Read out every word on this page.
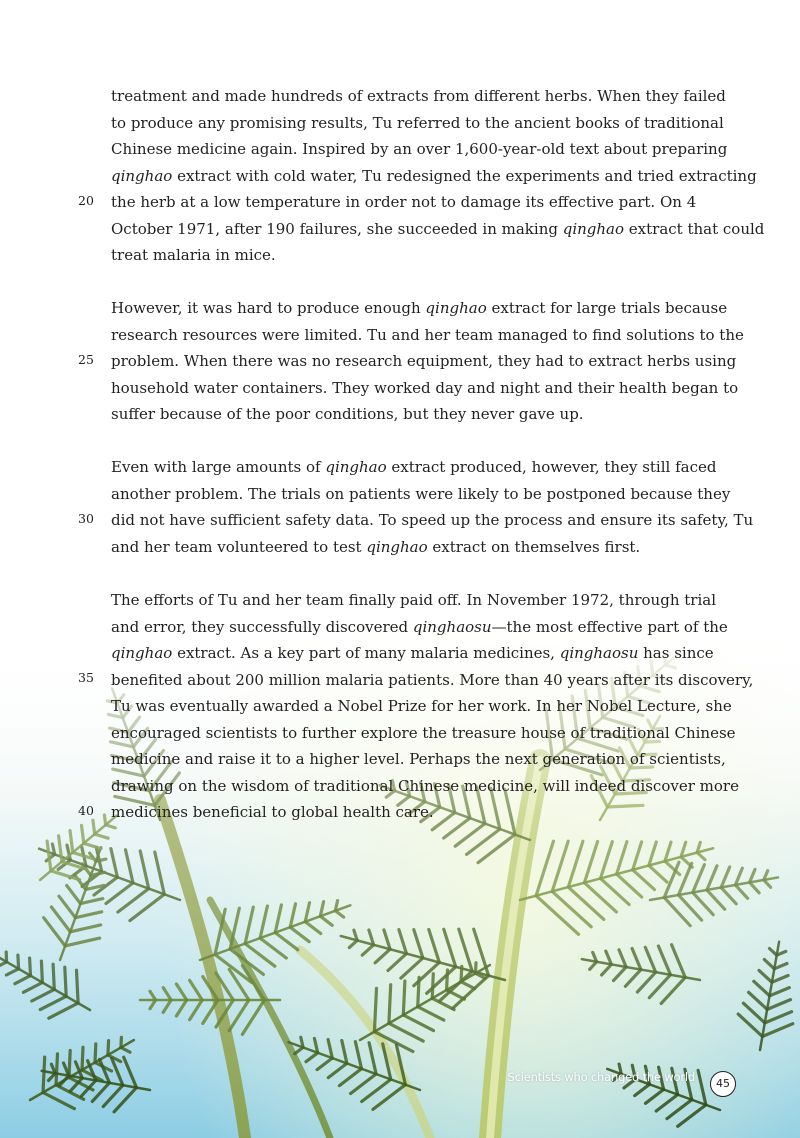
treatment and made hundreds of extracts from different herbs. When they failed
to produce any promising results, Tu referred to the ancient books of traditional
Chinese medicine again. Inspired by an over 1,600-year-old text about preparing
qinghao extract with cold water, Tu redesigned the experiments and tried extracting
the herb at a low temperature in order not to damage its effective part. On 4
October 1971, after 190 failures, she succeeded in making qinghao extract that could
treat malaria in mice.
However, it was hard to produce enough qinghao extract for large trials because
research resources were limited. Tu and her team managed to find solutions to the
problem. When there was no research equipment, they had to extract herbs using
household water containers. They worked day and night and their health began to
suffer because of the poor conditions, but they never gave up.
Even with large amounts of qinghao extract produced, however, they still faced
another problem. The trials on patients were likely to be postponed because they
did not have sufficient safety data. To speed up the process and ensure its safety, Tu
and her team volunteered to test qinghao extract on themselves first.
The efforts of Tu and her team finally paid off. In November 1972, through trial
and error, they successfully discovered qinghaosu—the most effective part of the
qinghao extract. As a key part of many malaria medicines, qinghaosu has since
benefited about 200 million malaria patients. More than 40 years after its discovery,
Tu was eventually awarded a Nobel Prize for her work. In her Nobel Lecture, she
encouraged scientists to further explore the treasure house of traditional Chinese
medicine and raise it to a higher level. Perhaps the next generation of scientists,
drawing on the wisdom of traditional Chinese medicine, will indeed discover more
medicines beneficial to global health care.
20
25
30
35
40
Scientists who changed the world	45
